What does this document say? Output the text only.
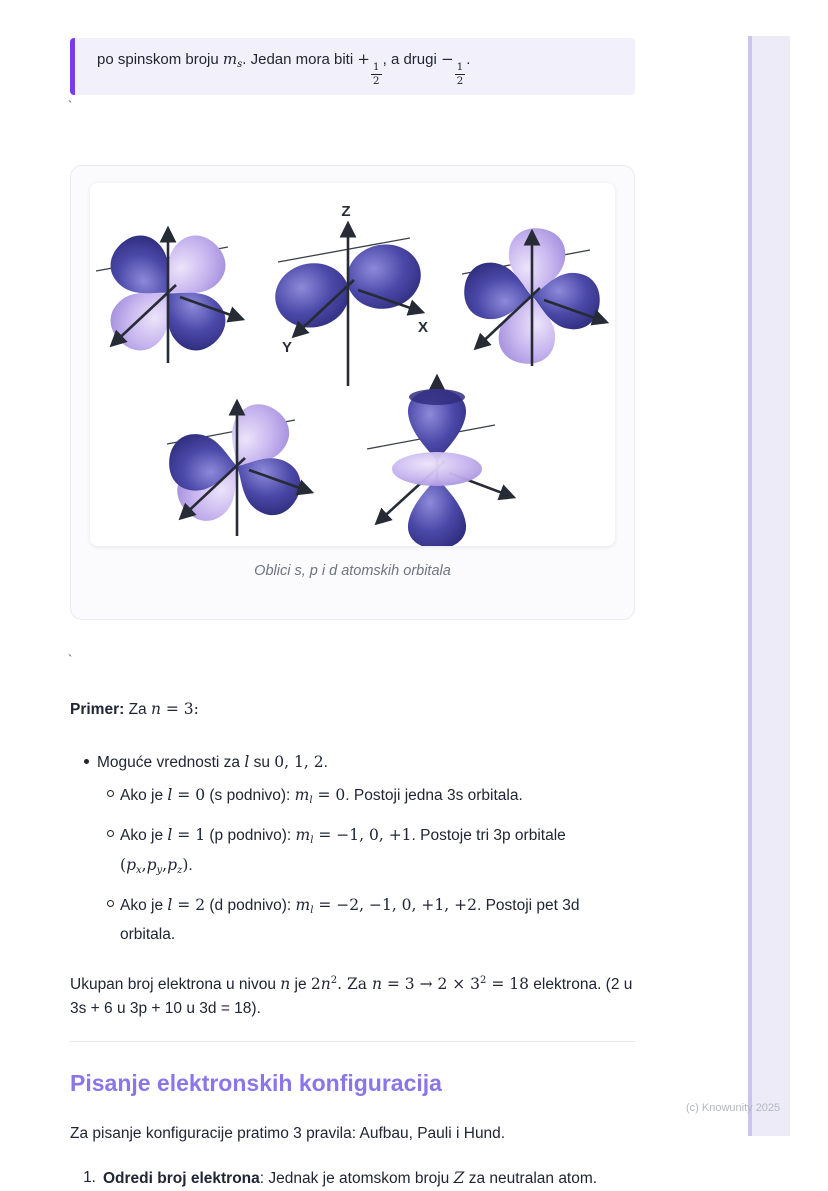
po spinskom broju $m_s$. Jedan mora biti +
$\frac{1}{2}$
, a drugi −
$\frac{1}{2}$
.
`
`
Z
X
Y
Oblici s, p i d atomskih orbitala

Primer: Za n = 3:

Moguće vrednosti za l su 0, 1, 2.
Ako je l = 0 (s podnivo): ml = 0. Postoji jedna 3s orbitala.
Ako je l = 1 (p podnivo): ml = −1, 0, +1. Postoje tri 3p orbitale (px,py,pz).
Ako je l = 2 (d podnivo): ml = −2, −1, 0, +1, +2. Postoji pet 3d orbitala.

Ukupan broj elektrona u nivou n je $2n^2$. Za $n = 3 \to 2 \times 3^2 = 18$ elektrona. (2 u 3s + 6 u 3p + 10 u 3d = 18).

Pisanje elektronskih konfiguracija

Za pisanje konfiguracije pratimo 3 pravila: Aufbau, Pauli i Hund.

1. Odredi broj elektrona: Jednak je atomskom broju Z za neutralan atom.
(c) Knowunity 2025
